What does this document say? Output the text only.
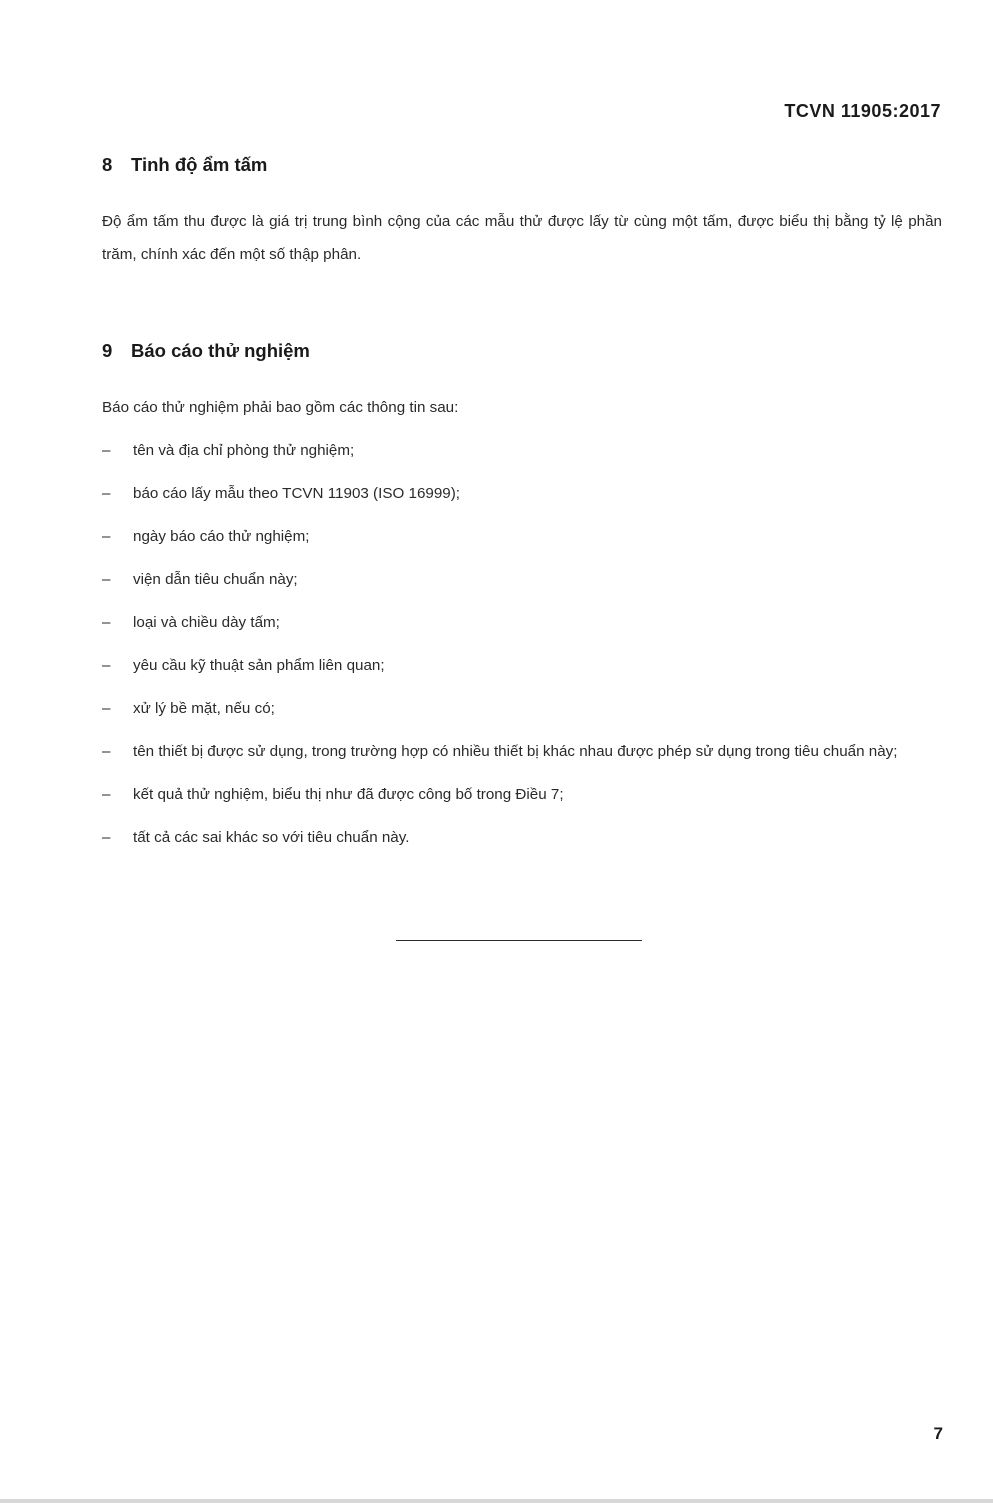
TCVN 11905:2017
8 Tinh độ ẩm tấm
Độ ẩm tấm thu được là giá trị trung bình cộng của các mẫu thử được lấy từ cùng một tấm, được biểu thị bằng tỷ lệ phần trăm, chính xác đến một số thập phân.
9 Báo cáo thử nghiệm
Báo cáo thử nghiệm phải bao gồm các thông tin sau:
– tên và địa chỉ phòng thử nghiệm;
– báo cáo lấy mẫu theo TCVN 11903 (ISO 16999);
– ngày báo cáo thử nghiệm;
– viện dẫn tiêu chuẩn này;
– loại và chiều dày tấm;
– yêu cầu kỹ thuật sản phẩm liên quan;
– xử lý bề mặt, nếu có;
– tên thiết bị được sử dụng, trong trường hợp có nhiều thiết bị khác nhau được phép sử dụng trong tiêu chuẩn này;
– kết quả thử nghiệm, biểu thị như đã được công bố trong Điều 7;
– tất cả các sai khác so với tiêu chuẩn này.
7
